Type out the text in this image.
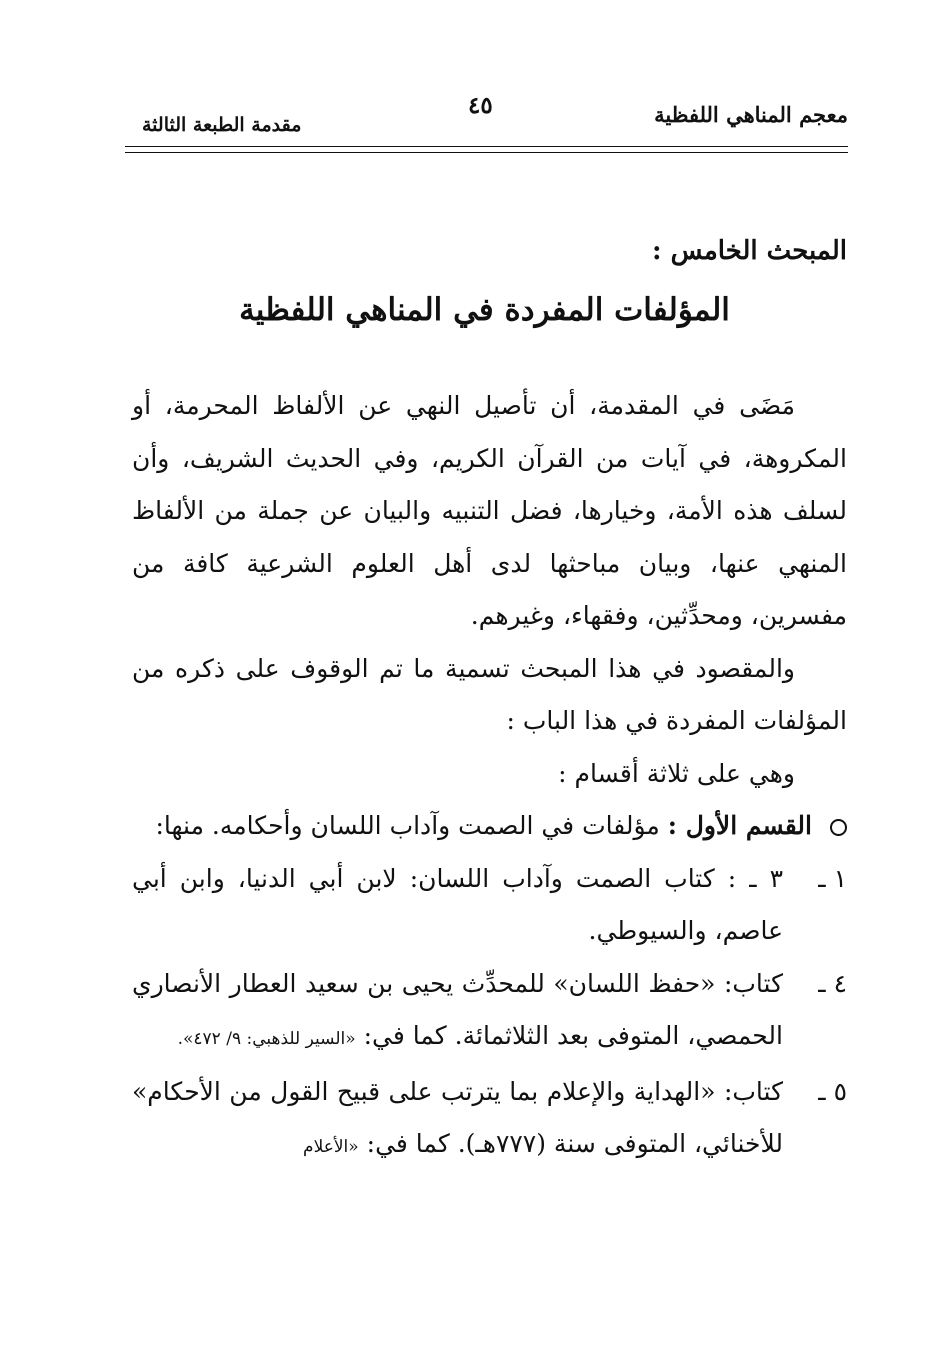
معجم المناهي اللفظية
٤٥
مقدمة الطبعة الثالثة

المبحث الخامس :

المؤلفات المفردة في المناهي اللفظية

مَضَى في المقدمة، أن تأصيل النهي عن الألفاظ المحرمة، أو المكروهة، في آيات من القرآن الكريم، وفي الحديث الشريف، وأن لسلف هذه الأمة، وخيارها، فضل التنبيه والبيان عن جملة من الألفاظ المنهي عنها، وبيان مباحثها لدى أهل العلوم الشرعية كافة من مفسرين، ومحدِّثين، وفقهاء، وغيرهم.

والمقصود في هذا المبحث تسمية ما تم الوقوف على ذكره من المؤلفات المفردة في هذا الباب :

وهي على ثلاثة أقسام :

القسم الأول : مؤلفات في الصمت وآداب اللسان وأحكامه. منها:
١ ـ
٣ ـ : كتاب الصمت وآداب اللسان: لابن أبي الدنيا، وابن أبي عاصم، والسيوطي.
٤ ـ
كتاب: «حفظ اللسان» للمحدِّث يحيى بن سعيد العطار الأنصاري الحمصي، المتوفى بعد الثلاثمائة. كما في: «السير للذهبي: ٩/ ٤٧٢».
٥ ـ
كتاب: «الهداية والإعلام بما يترتب على قبيح القول من الأحكام» للأخنائي، المتوفى سنة (٧٧٧هـ). كما في: «الأعلام
